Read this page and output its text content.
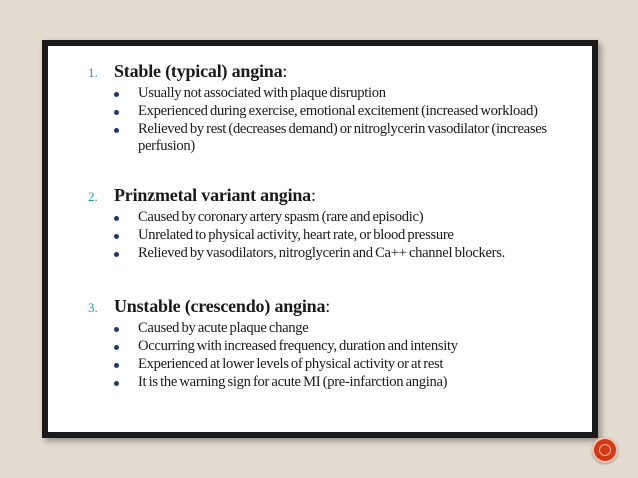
1. Stable (typical) angina:
Usually not associated with plaque disruption
Experienced during exercise, emotional excitement (increased workload)
Relieved by rest (decreases demand) or nitroglycerin vasodilator (increases perfusion)
2. Prinzmetal variant angina:
Caused by coronary artery spasm (rare and episodic)
Unrelated to physical activity, heart rate, or blood pressure
Relieved by vasodilators, nitroglycerin and Ca++ channel blockers.
3. Unstable (crescendo) angina:
Caused by acute plaque change
Occurring with increased frequency, duration and intensity
Experienced at lower levels of physical activity or at rest
It is the warning sign for acute MI (pre-infarction angina)
